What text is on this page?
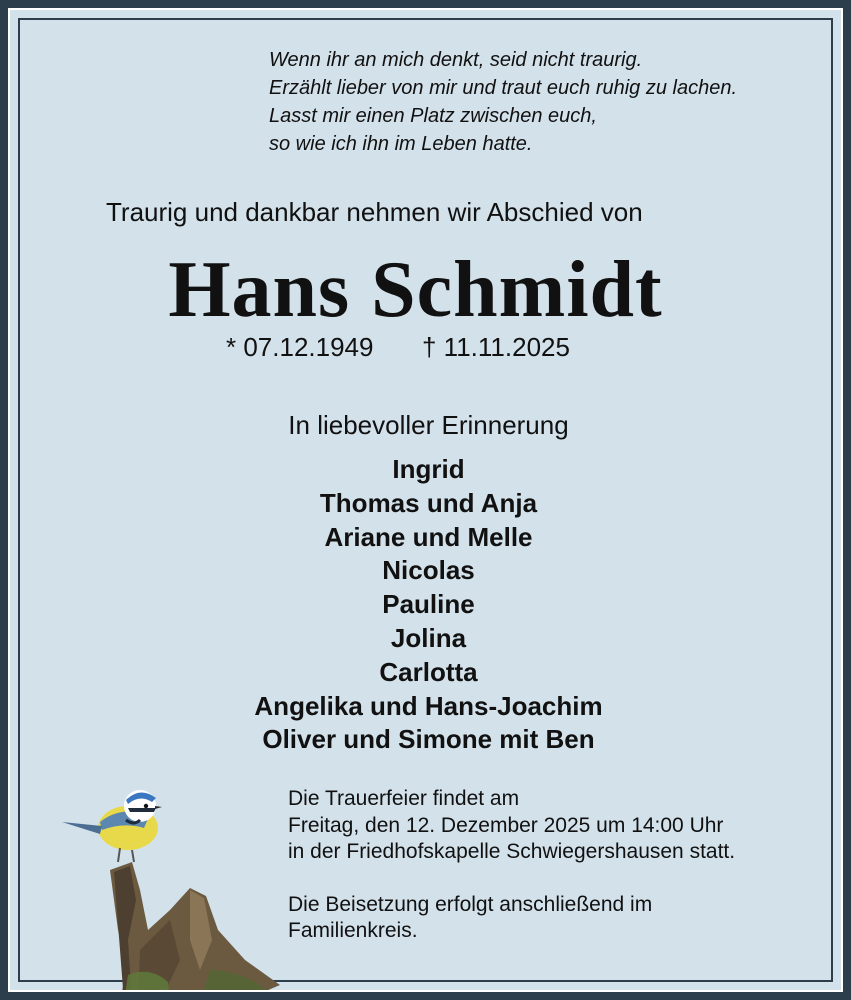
Wenn ihr an mich denkt, seid nicht traurig.
Erzählt lieber von mir und traut euch ruhig zu lachen.
Lasst mir einen Platz zwischen euch,
so wie ich ihn im Leben hatte.
Traurig und dankbar nehmen wir Abschied von
Hans Schmidt
* 07.12.1949 † 11.11.2025
In liebevoller Erinnerung
Ingrid
Thomas und Anja
Ariane und Melle
Nicolas
Pauline
Jolina
Carlotta
Angelika und Hans-Joachim
Oliver und Simone mit Ben
Die Trauerfeier findet am
Freitag, den 12. Dezember 2025 um 14:00 Uhr
in der Friedhofskapelle Schwiegershausen statt.
Die Beisetzung erfolgt anschließend im
Familienkreis.
